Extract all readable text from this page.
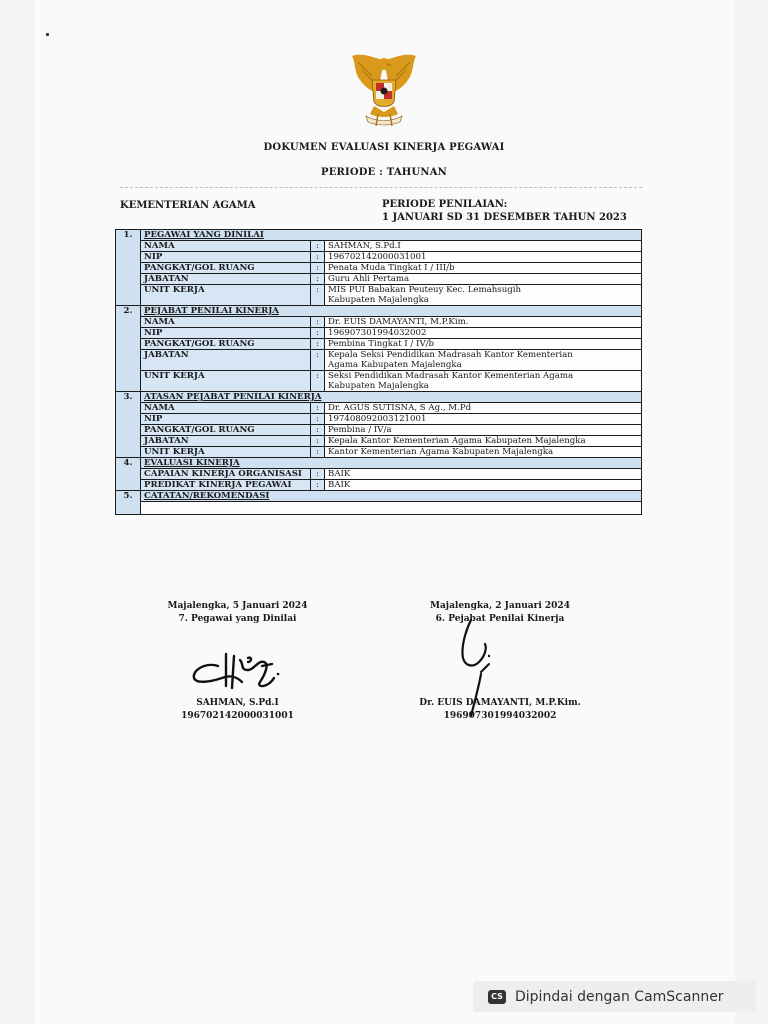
DOKUMEN EVALUASI KINERJA PEGAWAI
PERIODE : TAHUNAN
KEMENTERIAN AGAMA	PERIODE PENILAIAN:
1 JANUARI SD 31 DESEMBER TAHUN 2023
1.	PEGAWAI YANG DINILAI		
	NAMA	:	SAHMAN, S.Pd.I
	NIP	:	196702142000031001
	PANGKAT/GOL RUANG	:	Penata Muda Tingkat I / III/b
	JABATAN	:	Guru Ahli Pertama
	UNIT KERJA	:	MIS PUI Babakan Peuteuy Kec. Lemahsugih
Kabupaten Majalengka

2.	PEJABAT PENILAI KINERJA		
	NAMA	:	Dr. EUIS DAMAYANTI, M.P.Kim.
	NIP	:	196907301994032002
	PANGKAT/GOL RUANG	:	Pembina Tingkat I / IV/b
	JABATAN	:	Kepala Seksi Pendidikan Madrasah Kantor Kementerian
Agama Kabupaten Majalengka

	UNIT KERJA	:	Seksi Pendidikan Madrasah Kantor Kementerian Agama
Kabupaten Majalengka

3.	ATASAN PEJABAT PENILAI KINERJA		
	NAMA	:	Dr. AGUS SUTISNA, S Ag., M.Pd
	NIP	:	197408092003121001
	PANGKAT/GOL RUANG	:	Pembina / IV/a
	JABATAN	:	Kepala Kantor Kementerian Agama Kabupaten Majalengka
	UNIT KERJA	:	Kantor Kementerian Agama Kabupaten Majalengka
4.	EVALUASI KINERJA		
	CAPAIAN KINERJA ORGANISASI	:	BAIK
	PREDIKAT KINERJA PEGAWAI	:	BAIK
5.	CATATAN/REKOMENDASI		

Majalengka, 5 Januari 2024
7. Pegawai yang Dinilai
SAHMAN, S.Pd.I
196702142000031001
Majalengka, 2 Januari 2024
6. Pejabat Penilai Kinerja
Dr. EUIS DAMAYANTI, M.P.Kim.
196907301994032002
CS Dipindai dengan CamScanner
